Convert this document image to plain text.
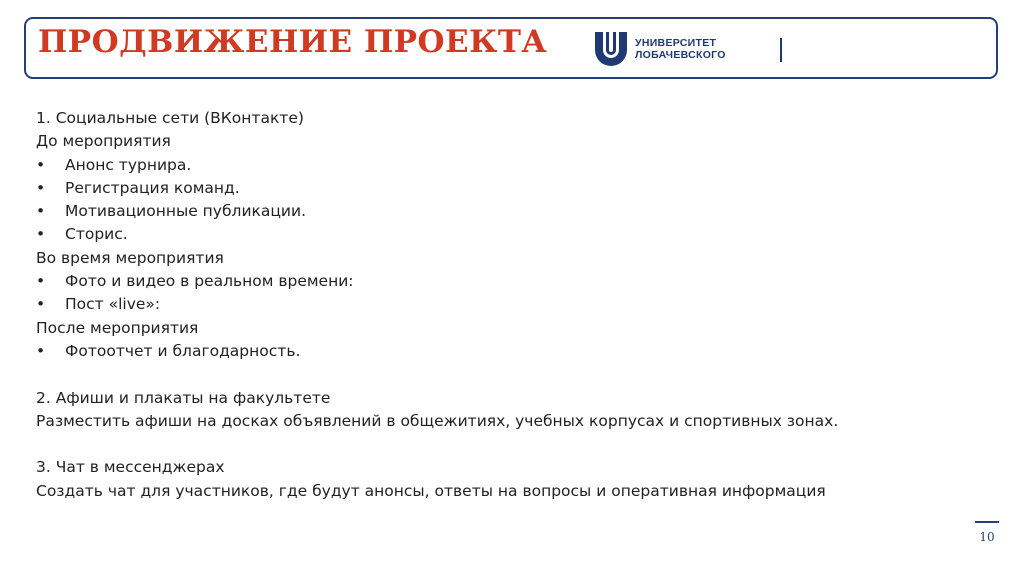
ПРОДВИЖЕНИЕ ПРОЕКТА	УНИВЕРСИТЕТ
ЛОБАЧЕВСКОГО
1. Социальные сети (ВКонтакте)
До мероприятия
•	Анонс турнира.
•	Регистрация команд.
•	Мотивационные публикации.
•	Сторис.
Во время мероприятия
•	Фото и видео в реальном времени:
•	Пост «live»:
После мероприятия
•	Фотоотчет и благодарность.
2. Афиши и плакаты на факультете
Разместить афиши на досках объявлений в общежитиях, учебных корпусах и спортивных зонах.
3. Чат в мессенджерах
Создать чат для участников, где будут анонсы, ответы на вопросы и оперативная информация
10
